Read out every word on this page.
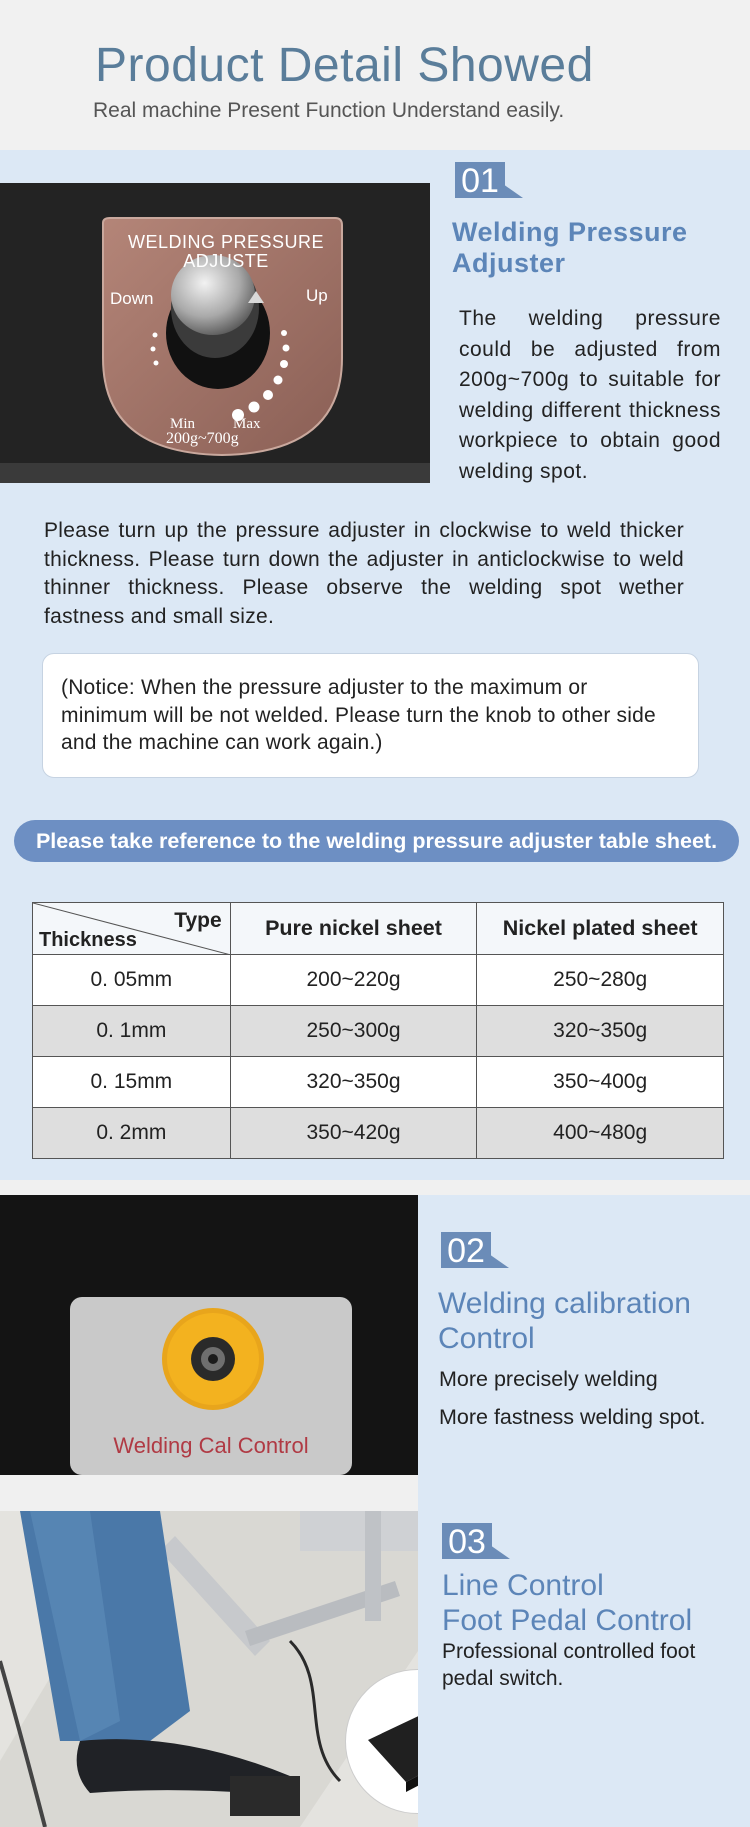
Product Detail Showed
Real machine Present Function Understand easily.
WELDING PRESSURE ADJUSTE
Down	Up
Min	Max
200g~700g
01
Welding Pressure Adjuster
The welding pressure could be adjusted from 200g~700g to suitable for welding different thickness workpiece to obtain good welding spot.
Please turn up the pressure adjuster in clockwise to weld thicker thickness. Please turn down the adjuster in anticlockwise to weld thinner thickness. Please observe the welding spot wether fastness and small size.
(Notice: When the pressure adjuster to the maximum or minimum will be not welded. Please turn the knob to other side and the machine can work again.)
Please take reference to the welding pressure adjuster table sheet.
Type
Thickness	Pure nickel sheet	Nickel plated sheet
0. 05mm	200~220g	250~280g
0. 1mm	250~300g	320~350g
0. 15mm	320~350g	350~400g
0. 2mm	350~420g	400~480g
Welding Cal Control
02
Welding calibration Control
More precisely welding
More fastness welding spot.
03
Line Control
Foot Pedal Control
Professional controlled foot pedal switch.
